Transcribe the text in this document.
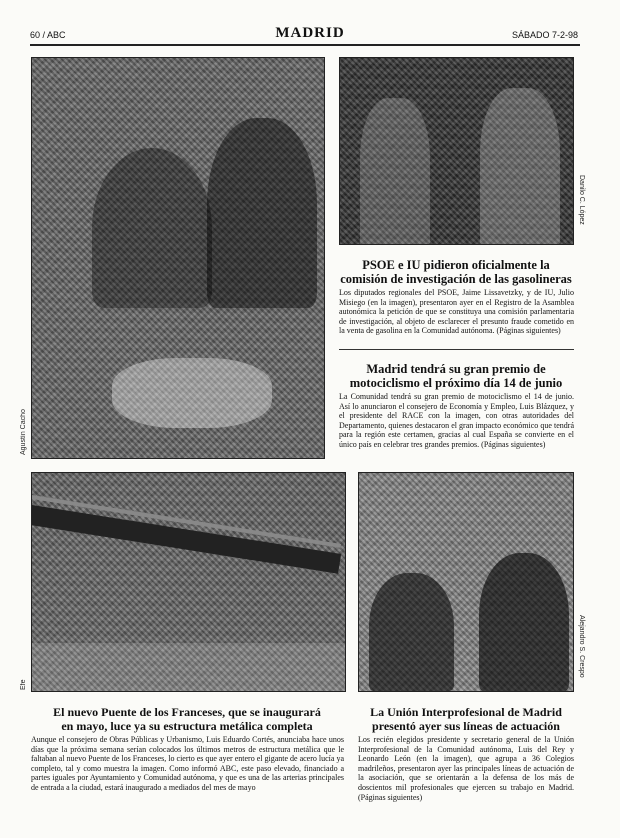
60 / ABC	MADRID	SÁBADO 7-2-98
Agustín Cacho
Danilo C. López
PSOE e IU pidieron oficialmente la
comisión de investigación de las gasolineras
Los diputados regionales del PSOE, Jaime Lissavetzky, y de IU, Julio Misiego (en la imagen), presentaron ayer en el Registro de la Asamblea autonómica la petición de que se constituya una comisión parlamentaria de investigación, al objeto de esclarecer el presunto fraude cometido en la venta de gasolina en la Comunidad autónoma. (Páginas siguientes)
Madrid tendrá su gran premio de
motociclismo el próximo día 14 de junio
La Comunidad tendrá su gran premio de motociclismo el 14 de junio. Así lo anunciaron el consejero de Economía y Empleo, Luis Blázquez, y el presidente del RACE con la imagen, con otras autoridades del Departamento, quienes destacaron el gran impacto económico que tendrá para la región este certamen, gracias al cual España se convierte en el único país en celebrar tres grandes premios. (Páginas siguientes)
Efe
Alejandro S. Crespo
El nuevo Puente de los Franceses, que se inaugurará
en mayo, luce ya su estructura metálica completa
Aunque el consejero de Obras Públicas y Urbanismo, Luis Eduardo Cortés, anunciaba hace unos días que la próxima semana serían colocados los últimos metros de estructura metálica que le faltaban al nuevo Puente de los Franceses, lo cierto es que ayer entero el gigante de acero lucía ya completo, tal y como muestra la imagen. Como informó ABC, este paso elevado, financiado a partes iguales por Ayuntamiento y Comunidad autónoma, y que es una de las arterias principales de entrada a la ciudad, estará inaugurado a mediados del mes de mayo
La Unión Interprofesional de Madrid
presentó ayer sus líneas de actuación
Los recién elegidos presidente y secretario general de la Unión Interprofesional de la Comunidad autónoma, Luis del Rey y Leonardo León (en la imagen), que agrupa a 36 Colegios madrileños, presentaron ayer las principales líneas de actuación de la asociación, que se orientarán a la defensa de los más de doscientos mil profesionales que ejercen su trabajo en Madrid. (Páginas siguientes)
